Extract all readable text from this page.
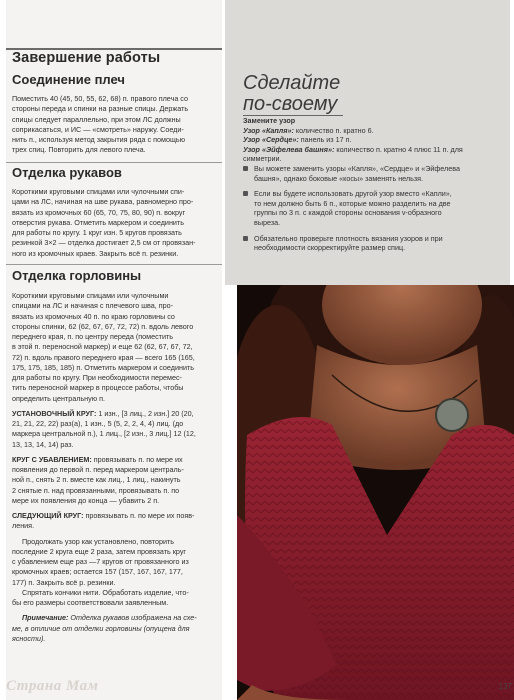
Завершение работы
Соединение плеч

Поместить 40 (45, 50, 55, 62, 68) п. правого плеча со

стороны переда и спинки на разные спицы. Держать

спицы следует параллельно, при этом ЛС должны

соприкасаться, и ИС — «смотреть» наружу. Соеди-

нить п., используя метод закрытия ряда с помощью

трех спиц. Повторить для левого плеча.

Отделка рукавов

Короткими круговыми спицами или чулочными спи-

цами на ЛС, начиная на шве рукава, равномерно про-

вязать из кромочных 60 (65, 70, 75, 80, 90) п. вокруг

отверстия рукава. Отметить маркером и соединить

для работы по кругу. 1 круг изн. 5 кругов провязать

резинкой 3×2 — отделка достигает 2,5 см от провязан-

ного из кромочных краев. Закрыть всё п. резинки.

Отделка горловины

Короткими круговыми спицами или чулочными

спицами на ЛС и начиная с плечевого шва, про-

вязать из кромочных 40 п. по краю горловины со

стороны спинки, 62 (62, 67, 67, 72, 72) п. вдоль левого

переднего края, п. по центру переда (поместить

в этой п. переносной маркер) и еще 62 (62, 67, 67, 72,

72) п. вдоль правого переднего края — всего 165 (165,

175, 175, 185, 185) п. Отметить маркером и соединить

для работы по кругу. При необходимости перемес-

тить переносной маркер в процессе работы, чтобы

определить центральную п.

УСТАНОВОЧНЫЙ КРУГ: 1 изн., [3 лиц., 2 изн.] 20 (20,

21, 21, 22, 22) раз(а), 1 изн., 5 (5, 2, 2, 4, 4) лиц. (до

маркера центральной п.), 1 лиц., [2 изн., 3 лиц.] 12 (12,

13, 13, 14, 14) раз.

КРУГ С УБАВЛЕНИЕМ: провязывать п. по мере их

появления до первой п. перед маркером централь-

ной п., снять 2 п. вместе как лиц., 1 лиц., накинуть

2 снятые п. над провязанными, провязывать п. по

мере их появления до конца — убавить 2 п.

СЛЕДУЮЩИЙ КРУГ: провязывать п. по мере их появ-

ления.

Продолжать узор как установлено, повторить

последние 2 круга еще 2 раза, затем провязать круг

с убавлением еще раз —7 кругов от провязанного из

кромочных краев; остается 157 (157, 167, 167, 177,

177) п. Закрыть всё р. резинки.

Спрятать кончики нити. Обработать изделие, что-

бы его размеры соответствовали заявленным.

Примечание: Отделка рукавов изображена на схе-

ме, в отличие от отделки горловины (опущена для

ясности).

Страна Мам
Сделайте
по-своему

Замените узор

Узор «Капля»: количество п. кратно 6.

Узор «Сердце»: панель из 17 п.

Узор «Эйфелева башня»: количество п. кратно 4 плюс 11 п. для

симметрии.

Вы можете заменить узоры «Капля», «Сердце» и «Эйфелева
башня», однако боковые «косы» заменять нельзя.
Если вы будете использовать другой узор вместо «Капли»,
то нем должно быть 6 п., которые можно разделить на две
группы по 3 п. с каждой стороны основания v-образного
выреза.
Обязательно проверьте плотность вязания узоров и при
необходимости скорректируйте размер спиц.
137
